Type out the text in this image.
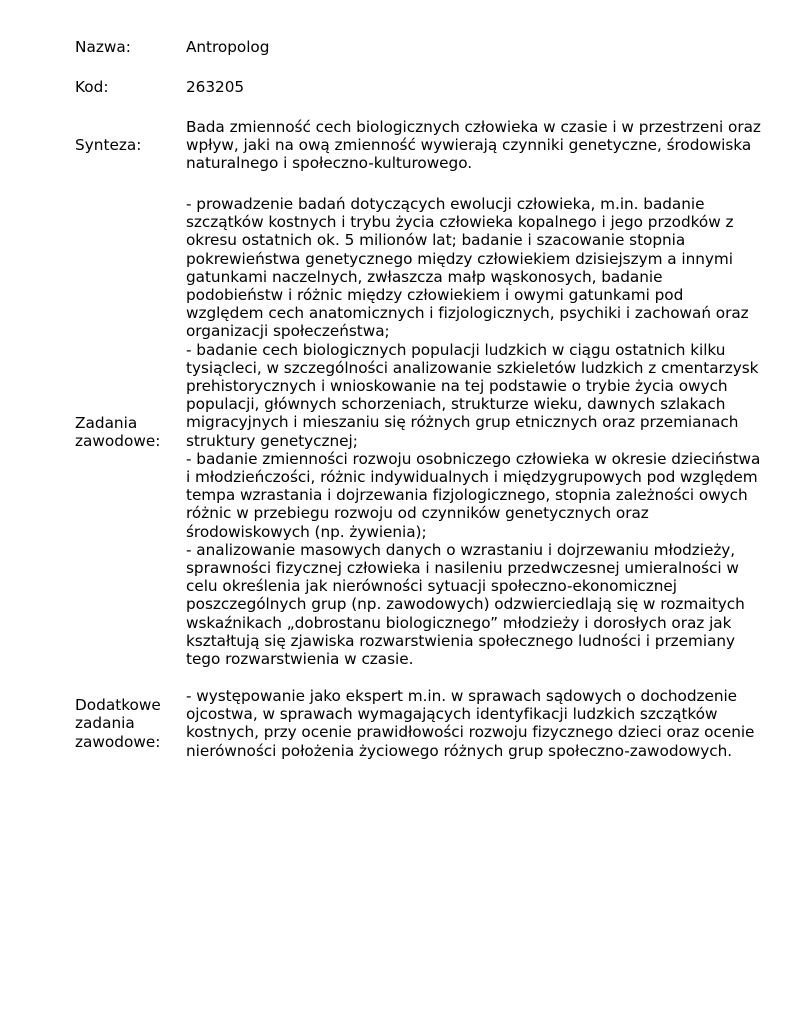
Nazwa:	Antropolog
Kod:	263205
Synteza:
Bada zmienność cech biologicznych człowieka w czasie i w przestrzeni oraz wpływ, jaki na ową zmienność wywierają czynniki genetyczne, środowiska naturalnego i społeczno-kulturowego.
Zadania zawodowe:
- prowadzenie badań dotyczących ewolucji człowieka, m.in. badanie szczątków kostnych i trybu życia człowieka kopalnego i jego przodków z okresu ostatnich ok. 5 milionów lat; badanie i szacowanie stopnia pokrewieństwa genetycznego między człowiekiem dzisiejszym a innymi gatunkami naczelnych, zwłaszcza małp wąskonosych, badanie podobieństw i różnic między człowiekiem i owymi gatunkami pod względem cech anatomicznych i fizjologicznych, psychiki i zachowań oraz organizacji społeczeństwa;
- badanie cech biologicznych populacji ludzkich w ciągu ostatnich kilku tysiącleci, w szczególności analizowanie szkieletów ludzkich z cmentarzysk prehistorycznych i wnioskowanie na tej podstawie o trybie życia owych populacji, głównych schorzeniach, strukturze wieku, dawnych szlakach migracyjnych i mieszaniu się różnych grup etnicznych oraz przemianach struktury genetycznej;
- badanie zmienności rozwoju osobniczego człowieka w okresie dzieciństwa i młodzieńczości, różnic indywidualnych i międzygrupowych pod względem tempa wzrastania i dojrzewania fizjologicznego, stopnia zależności owych różnic w przebiegu rozwoju od czynników genetycznych oraz środowiskowych (np. żywienia);
- analizowanie masowych danych o wzrastaniu i dojrzewaniu młodzieży, sprawności fizycznej człowieka i nasileniu przedwczesnej umieralności w celu określenia jak nierówności sytuacji społeczno-ekonomicznej poszczególnych grup (np. zawodowych) odzwierciedlają się w rozmaitych wskaźnikach „dobrostanu biologicznego” młodzieży i dorosłych oraz jak kształtują się zjawiska rozwarstwienia społecznego ludności i przemiany tego rozwarstwienia w czasie.
Dodatkowe zadania zawodowe:
- występowanie jako ekspert m.in. w sprawach sądowych o dochodzenie ojcostwa, w sprawach wymagających identyfikacji ludzkich szczątków kostnych, przy ocenie prawidłowości rozwoju fizycznego dzieci oraz ocenie nierówności położenia życiowego różnych grup społeczno-zawodowych.
